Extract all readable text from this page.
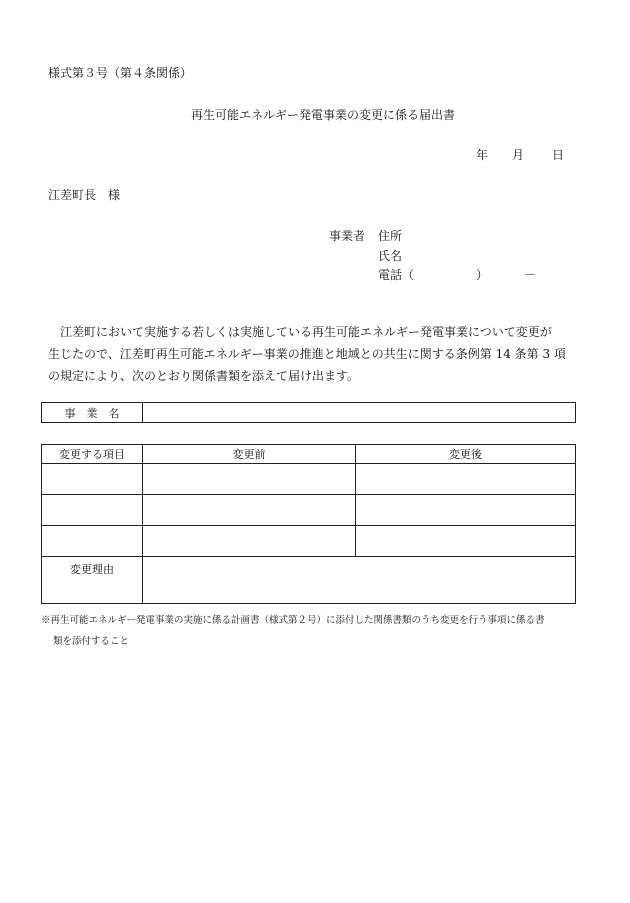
様式第３号（第４条関係）
再生可能エネルギー発電事業の変更に係る届出書
年 月 日
江差町長　様
事業者 住所
氏名
電話（	）	－
江差町において実施する若しくは実施している再生可能エネルギー発電事業について変更が
生じたので、江差町再生可能エネルギー事業の推進と地域との共生に関する条例第 14 条第 3 項
の規定により、次のとおり関係書類を添えて届け出ます。
事　業　名	
変更する項目	変更前	変更後

変更理由		
※再生可能エネルギー発電事業の実施に係る計画書（様式第２号）に添付した関係書類のうち変更を行う事項に係る書
類を添付すること
